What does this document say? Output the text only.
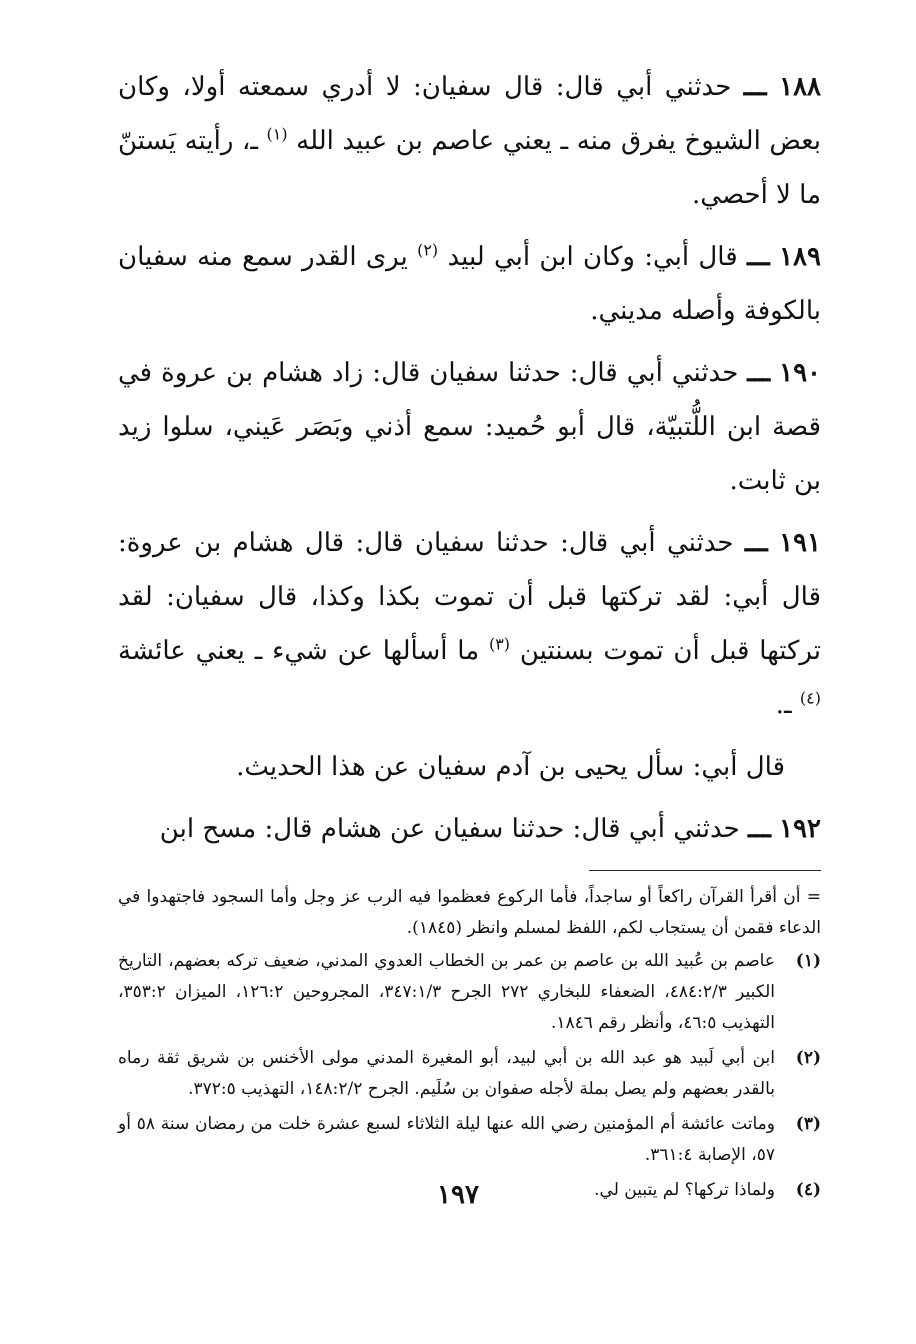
١٨٨ ـــ حدثني أبي قال: قال سفيان: لا أدري سمعته أولا، وكان بعض الشيوخ يفرق منه ـ يعني عاصم بن عبيد الله $^{(١)}$ ـ، رأيته يَستنّ ما لا أحصي.

١٨٩ ـــ قال أبي: وكان ابن أبي لبيد $^{(٢)}$ يرى القدر سمع منه سفيان بالكوفة وأصله مديني.

١٩٠ ـــ حدثني أبي قال: حدثنا سفيان قال: زاد هشام بن عروة في قصة ابن اللُّتبيّة، قال أبو حُميد: سمع أذني وبَصَر عَيني، سلوا زيد بن ثابت.

١٩١ ـــ حدثني أبي قال: حدثنا سفيان قال: قال هشام بن عروة: قال أبي: لقد تركتها قبل أن تموت بكذا وكذا، قال سفيان: لقد تركتها قبل أن تموت بسنتين $^{(٣)}$ ما أسألها عن شيء ـ يعني عائشة $^{(٤)}$ ـ.

قال أبي: سأل يحيى بن آدم سفيان عن هذا الحديث.

١٩٢ ـــ حدثني أبي قال: حدثنا سفيان عن هشام قال: مسح ابن

= أن أقرأ القرآن راكعاً أو ساجداً، فأما الركوع فعظموا فيه الرب عز وجل وأما السجود فاجتهدوا في الدعاء فقمن أن يستجاب لكم، اللفظ لمسلم وانظر (١٨٤٥).
(١)
عاصم بن عُبيد الله بن عاصم بن عمر بن الخطاب العدوي المدني، ضعيف تركه بعضهم، التاريخ الكبير ٤٨٤:٢/٣، الضعفاء للبخاري ٢٧٢ الجرح ٣٤٧:١/٣، المجروحين ١٢٦:٢، الميزان ٣٥٣:٢، التهذيب ٤٦:٥، وأنظر رقم ١٨٤٦.
(٢)
ابن أبي لَبيد هو عبد الله بن أبي لبيد، أبو المغيرة المدني مولى الأخنس بن شريق ثقة رماه بالقدر بعضهم ولم يصل بملة لأجله صفوان بن سُلَيم. الجرح ١٤٨:٢/٢، التهذيب ٣٧٢:٥.
(٣)
وماتت عائشة أم المؤمنين رضي الله عنها ليلة الثلاثاء لسبع عشرة خلت من رمضان سنة ٥٨ أو ٥٧، الإصابة ٣٦١:٤.
(٤)
ولماذا تركها؟ لم يتبين لي.
١٩٧
